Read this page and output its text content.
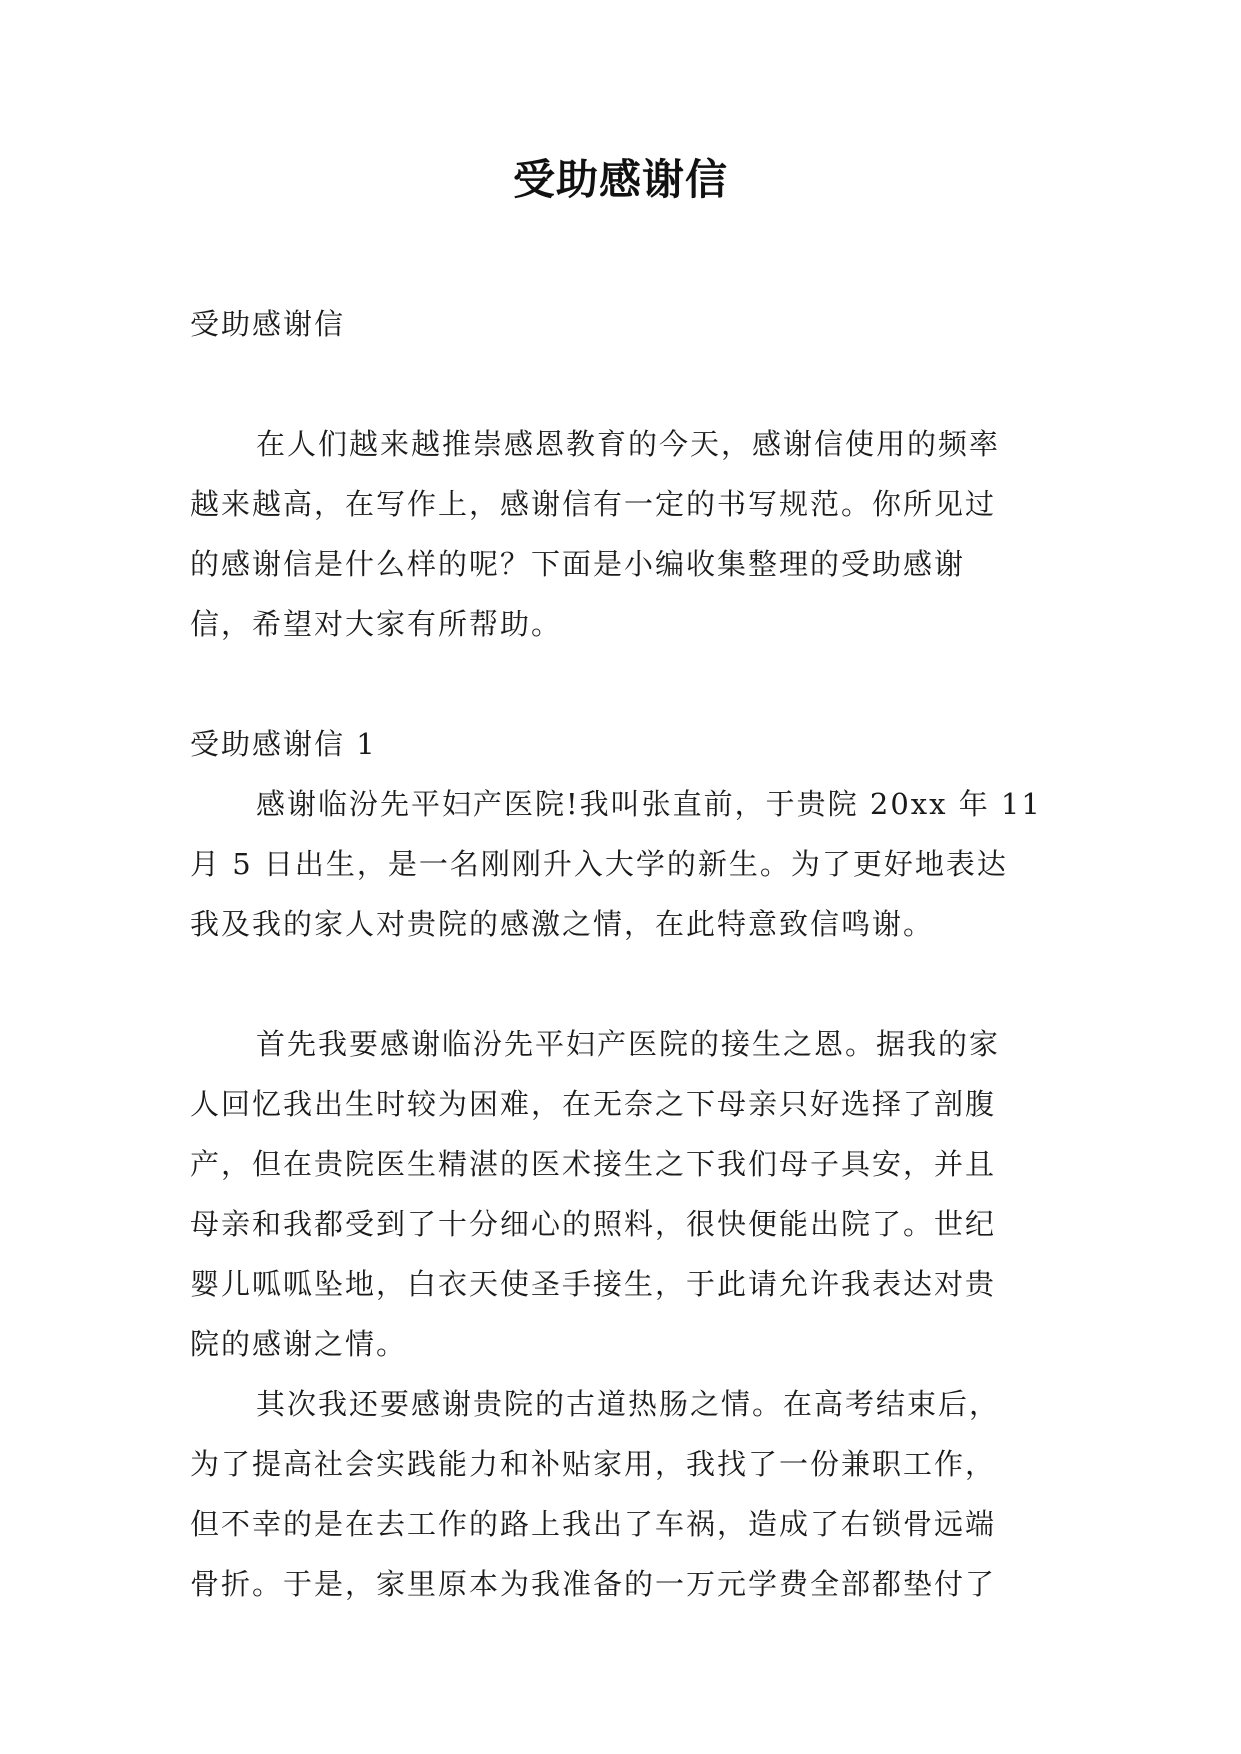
受助感谢信
受助感谢信
在人们越来越推崇感恩教育的今天，感谢信使用的频率
越来越高，在写作上，感谢信有一定的书写规范。你所见过
的感谢信是什么样的呢？下面是小编收集整理的受助感谢
信，希望对大家有所帮助。
受助感谢信 1
感谢临汾先平妇产医院!我叫张直前，于贵院 20xx 年 11
月 5 日出生，是一名刚刚升入大学的新生。为了更好地表达
我及我的家人对贵院的感激之情，在此特意致信鸣谢。
首先我要感谢临汾先平妇产医院的接生之恩。据我的家
人回忆我出生时较为困难，在无奈之下母亲只好选择了剖腹
产，但在贵院医生精湛的医术接生之下我们母子具安，并且
母亲和我都受到了十分细心的照料，很快便能出院了。世纪
婴儿呱呱坠地，白衣天使圣手接生，于此请允许我表达对贵
院的感谢之情。
其次我还要感谢贵院的古道热肠之情。在高考结束后，
为了提高社会实践能力和补贴家用，我找了一份兼职工作，
但不幸的是在去工作的路上我出了车祸，造成了右锁骨远端
骨折。于是，家里原本为我准备的一万元学费全部都垫付了
